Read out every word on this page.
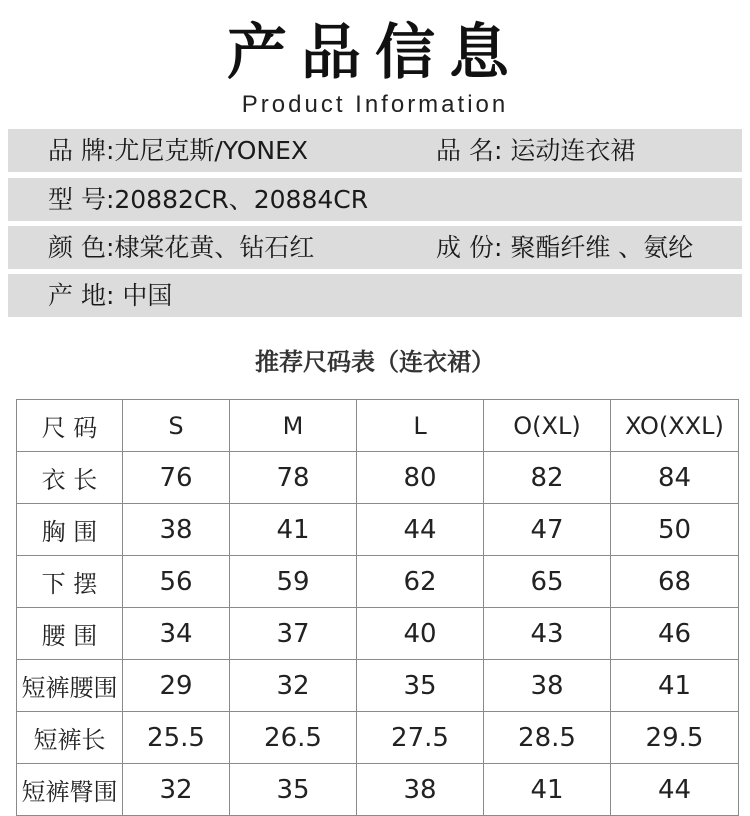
产品信息
Product Information
品 牌:尤尼克斯/YONEX	品 名: 运动连衣裙
型 号:20882CR、20884CR
颜 色:棣棠花黄、钻石红	成 份: 聚酯纤维 、氨纶
产 地: 中国
推荐尺码表（连衣裙）
尺 码	S	M	L	O(XL)	XO(XXL)
衣 长	76	78	80	82	84
胸 围	38	41	44	47	50
下 摆	56	59	62	65	68
腰 围	34	37	40	43	46
短裤腰围	29	32	35	38	41
短裤长	25.5	26.5	27.5	28.5	29.5
短裤臀围	32	35	38	41	44
